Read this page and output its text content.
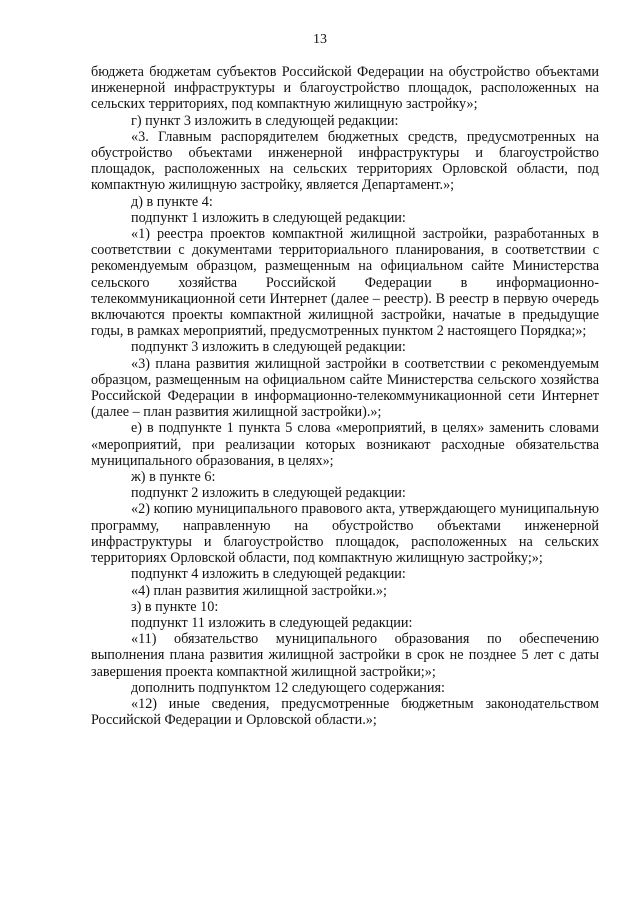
13

бюджета бюджетам субъектов Российской Федерации на обустройство объектами инженерной инфраструктуры и благоустройство площадок, расположенных на сельских территориях, под компактную жилищную застройку»;

г) пункт 3 изложить в следующей редакции:

«3. Главным распорядителем бюджетных средств, предусмотренных на обустройство объектами инженерной инфраструктуры и благоустройство площадок, расположенных на сельских территориях Орловской области, под компактную жилищную застройку, является Департамент.»;

д) в пункте 4:

подпункт 1 изложить в следующей редакции:

«1) реестра проектов компактной жилищной застройки, разработанных в соответствии с документами территориального планирования, в соответствии с рекомендуемым образцом, размещенным на официальном сайте Министерства сельского хозяйства Российской Федерации в информационно-телекоммуникационной сети Интернет (далее – реестр). В реестр в первую очередь включаются проекты компактной жилищной застройки, начатые в предыдущие годы, в рамках мероприятий, предусмотренных пунктом 2 настоящего Порядка;»;

подпункт 3 изложить в следующей редакции:

«3) плана развития жилищной застройки в соответствии с рекомендуемым образцом, размещенным на официальном сайте Министерства сельского хозяйства Российской Федерации в информационно-телекоммуникационной сети Интернет (далее – план развития жилищной застройки).»;

е) в подпункте 1 пункта 5 слова «мероприятий, в целях» заменить словами «мероприятий, при реализации которых возникают расходные обязательства муниципального образования, в целях»;

ж) в пункте 6:

подпункт 2 изложить в следующей редакции:

«2) копию муниципального правового акта, утверждающего муниципальную программу, направленную на обустройство объектами инженерной инфраструктуры и благоустройство площадок, расположенных на сельских территориях Орловской области, под компактную жилищную застройку;»;

подпункт 4 изложить в следующей редакции:

«4) план развития жилищной застройки.»;

з) в пункте 10:

подпункт 11 изложить в следующей редакции:

«11) обязательство муниципального образования по обеспечению выполнения плана развития жилищной застройки в срок не позднее 5 лет с даты завершения проекта компактной жилищной застройки;»;

дополнить подпунктом 12 следующего содержания:

«12) иные сведения, предусмотренные бюджетным законодательством Российской Федерации и Орловской области.»;
